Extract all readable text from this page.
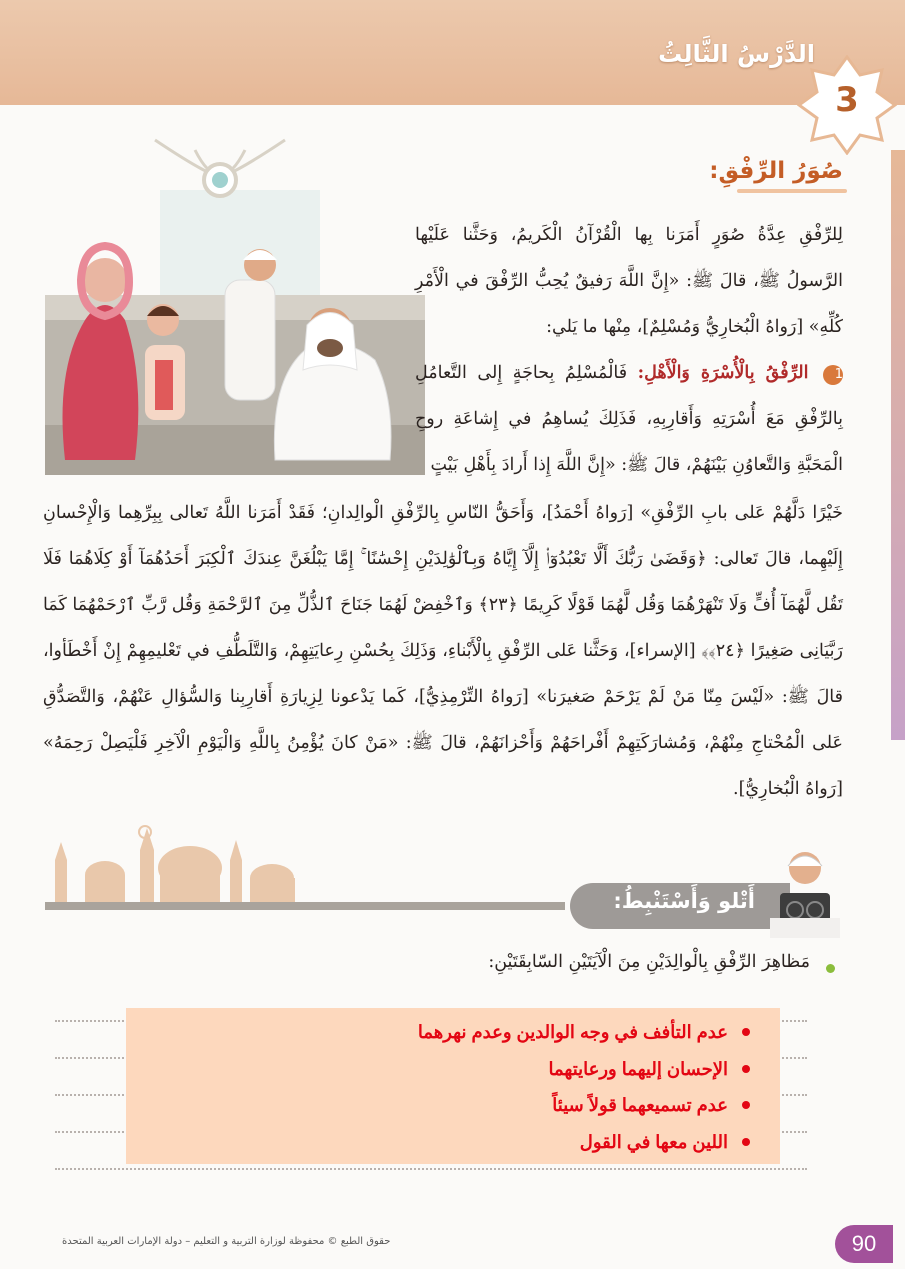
الدَّرْسُ الثَّالِثُ
3
صُوَرُ الرِّفْقِ:
لِلرِّفْقِ عِدَّةُ صُوَرٍ أَمَرَنا بِها الْقُرْآنُ الْكَريمُ، وَحَثَّنا عَلَيْها الرَّسولُ ﷺ، قالَ ﷺ: «إِنَّ اللَّهَ رَفيقٌ يُحِبُّ الرِّفْقَ في الْأَمْرِ كُلِّهِ» [رَواهُ الْبُخارِيُّ وَمُسْلِمٌ]، مِنْها ما يَلي:
1 الرِّفْقُ بِالْأُسْرَةِ وَالْأَهْلِ: فَالْمُسْلِمُ بِحاجَةٍ إِلى التَّعامُلِ بِالرِّفْقِ مَعَ أُسْرَتِهِ وَأَقارِبِهِ، فَذَلِكَ يُساهِمُ في إِشاعَةِ روحِ الْمَحَبَّةِ وَالتَّعاوُنِ بَيْنَهُمْ، قالَ ﷺ: «إِنَّ اللَّهَ إِذا أَرادَ بِأَهْلِ بَيْتٍ
خَيْرًا دَلَّهُمْ عَلى بابِ الرِّفْقِ» [رَواهُ أَحْمَدُ]، وَأَحَقُّ النّاسِ بِالرِّفْقِ الْوالِدانِ؛ فَقَدْ أَمَرَنا اللَّهُ تَعالى بِبِرِّهِما وَالْإِحْسانِ إِلَيْهِما، قالَ تَعالى: ﴿وَقَضَىٰ رَبُّكَ أَلَّا تَعْبُدُوٓا۟ إِلَّآ إِيَّاهُ وَبِٱلْوَٰلِدَيْنِ إِحْسَٰنًا ۚ إِمَّا يَبْلُغَنَّ عِندَكَ ٱلْكِبَرَ أَحَدُهُمَآ أَوْ كِلَاهُمَا فَلَا تَقُل لَّهُمَآ أُفٍّ وَلَا تَنْهَرْهُمَا وَقُل لَّهُمَا قَوْلًا كَرِيمًا ﴿٢٣﴾ وَٱخْفِضْ لَهُمَا جَنَاحَ ٱلذُّلِّ مِنَ ٱلرَّحْمَةِ وَقُل رَّبِّ ٱرْحَمْهُمَا كَمَا رَبَّيَانِى صَغِيرًا ﴿٢٤﴾﴾ [الإسراء]، وَحَثَّنا عَلى الرِّفْقِ بِالْأَبْناءِ، وَذَلِكَ بِحُسْنِ رِعايَتِهِمْ، وَالتَّلَطُّفِ في تَعْليمِهِمْ إِنْ أَخْطَأوا، قالَ ﷺ: «لَيْسَ مِنّا مَنْ لَمْ يَرْحَمْ صَغيرَنا» [رَواهُ التِّرْمِذِيُّ]، كَما يَدْعونا لِزِيارَةِ أَقارِبِنا وَالسُّؤالِ عَنْهُمْ، وَالتَّصَدُّقِ عَلى الْمُحْتاجِ مِنْهُمْ، وَمُشارَكَتِهِمْ أَفْراحَهُمْ وَأَحْزانَهُمْ، قالَ ﷺ: «مَنْ كانَ يُؤْمِنُ بِاللَّهِ وَالْيَوْمِ الْآخِرِ فَلْيَصِلْ رَحِمَهُ» [رَواهُ الْبُخارِيُّ].
أَتْلو وَأَسْتَنْبِطُ:
مَظاهِرَ الرِّفْقِ بِالْوالِدَيْنِ مِنَ الْآيَتَيْنِ السّابِقَتَيْنِ:
عدم التأفف في وجه الوالدين وعدم نهرهما
الإحسان إليهما ورعايتهما
عدم تسميعهما قولاً سيئاً
اللين معها في القول
حقوق الطبع © محفوظة لوزارة التربية و التعليم – دولة الإمارات العربية المتحدة	90
